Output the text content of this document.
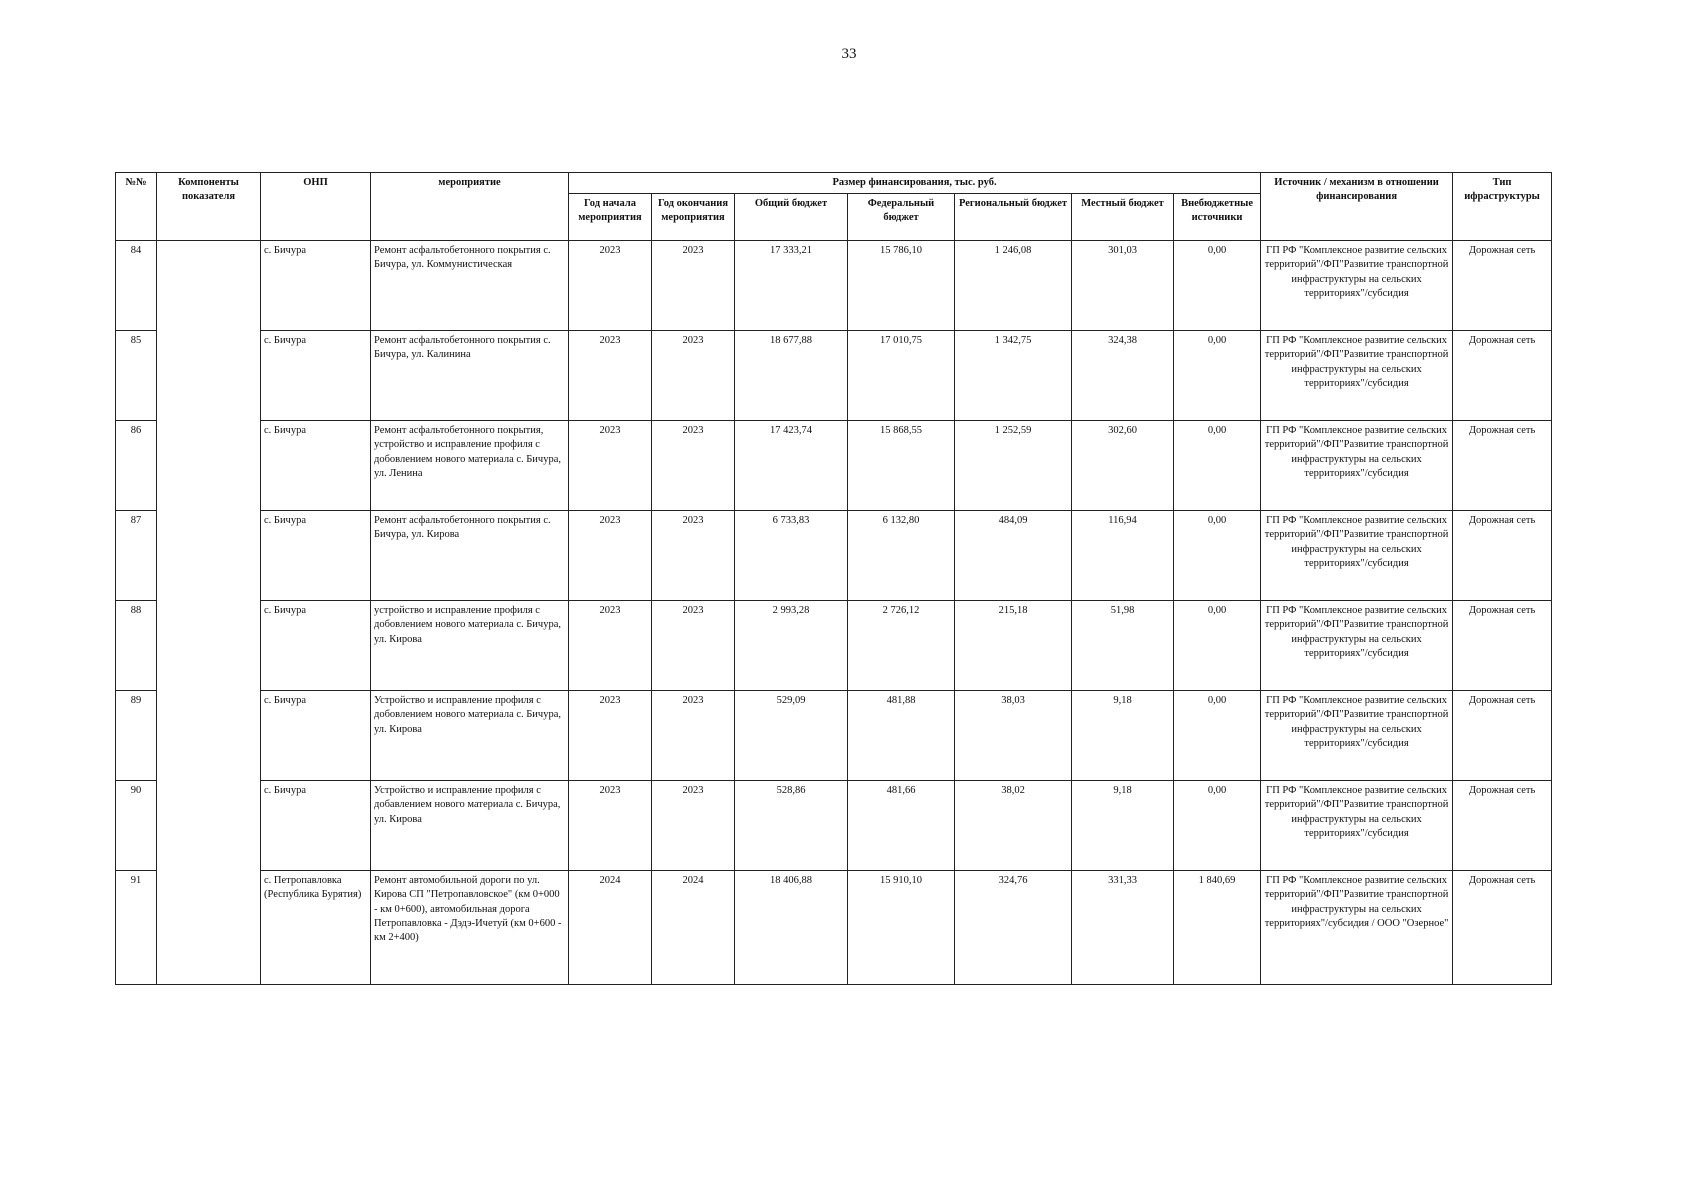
33
№№	Компоненты показателя	ОНП	мероприятие	Размер финансирования, тыс. руб.							Источник / механизм в отношении финансирования	Тип ифраструктуры
				Год начала мероприятия	Год окончания мероприятия	Общий бюджет	Федеральный бюджет	Региональный бюджет	Местный бюджет	Внебюджетные источники		
84		с. Бичура	Ремонт асфальтобетонного покрытия с. Бичура, ул. Коммунистическая	2023	2023	17 333,21	15 786,10	1 246,08	301,03	0,00	ГП РФ "Комплексное развитие сельских территорий"/ФП"Развитие транспортной инфраструктуры на сельских территориях"/субсидия	Дорожная сеть
85		с. Бичура	Ремонт асфальтобетонного покрытия с. Бичура, ул. Калинина	2023	2023	18 677,88	17 010,75	1 342,75	324,38	0,00	ГП РФ "Комплексное развитие сельских территорий"/ФП"Развитие транспортной инфраструктуры на сельских территориях"/субсидия	Дорожная сеть
86		с. Бичура	Ремонт асфальтобетонного покрытия, устройство и исправление профиля с добовлением нового материала с. Бичура, ул. Ленина	2023	2023	17 423,74	15 868,55	1 252,59	302,60	0,00	ГП РФ "Комплексное развитие сельских территорий"/ФП"Развитие транспортной инфраструктуры на сельских территориях"/субсидия	Дорожная сеть
87		с. Бичура	Ремонт асфальтобетонного покрытия с. Бичура, ул. Кирова	2023	2023	6 733,83	6 132,80	484,09	116,94	0,00	ГП РФ "Комплексное развитие сельских территорий"/ФП"Развитие транспортной инфраструктуры на сельских территориях"/субсидия	Дорожная сеть
88		с. Бичура	устройство и исправление профиля с добовлением нового материала с. Бичура, ул. Кирова	2023	2023	2 993,28	2 726,12	215,18	51,98	0,00	ГП РФ "Комплексное развитие сельских территорий"/ФП"Развитие транспортной инфраструктуры на сельских территориях"/субсидия	Дорожная сеть
89		с. Бичура	Устройство и исправление профиля с добовлением нового материала с. Бичура, ул. Кирова	2023	2023	529,09	481,88	38,03	9,18	0,00	ГП РФ "Комплексное развитие сельских территорий"/ФП"Развитие транспортной инфраструктуры на сельских территориях"/субсидия	Дорожная сеть
90		с. Бичура	Устройство и исправление профиля с добавлением нового материала с. Бичура, ул. Кирова	2023	2023	528,86	481,66	38,02	9,18	0,00	ГП РФ "Комплексное развитие сельских территорий"/ФП"Развитие транспортной инфраструктуры на сельских территориях"/субсидия	Дорожная сеть
91		с. Петропавловка (Республика Бурятия)	Ремонт автомобильной дороги по ул. Кирова СП "Петропавловское" (км 0+000 - км 0+600), автомобильная дорога Петропавловка - Дэдэ-Ичетуй (км 0+600 - км 2+400)	2024	2024	18 406,88	15 910,10	324,76	331,33	1 840,69	ГП РФ "Комплексное развитие сельских территорий"/ФП"Развитие транспортной инфраструктуры на сельских территориях"/субсидия / ООО "Озерное"	Дорожная сеть
